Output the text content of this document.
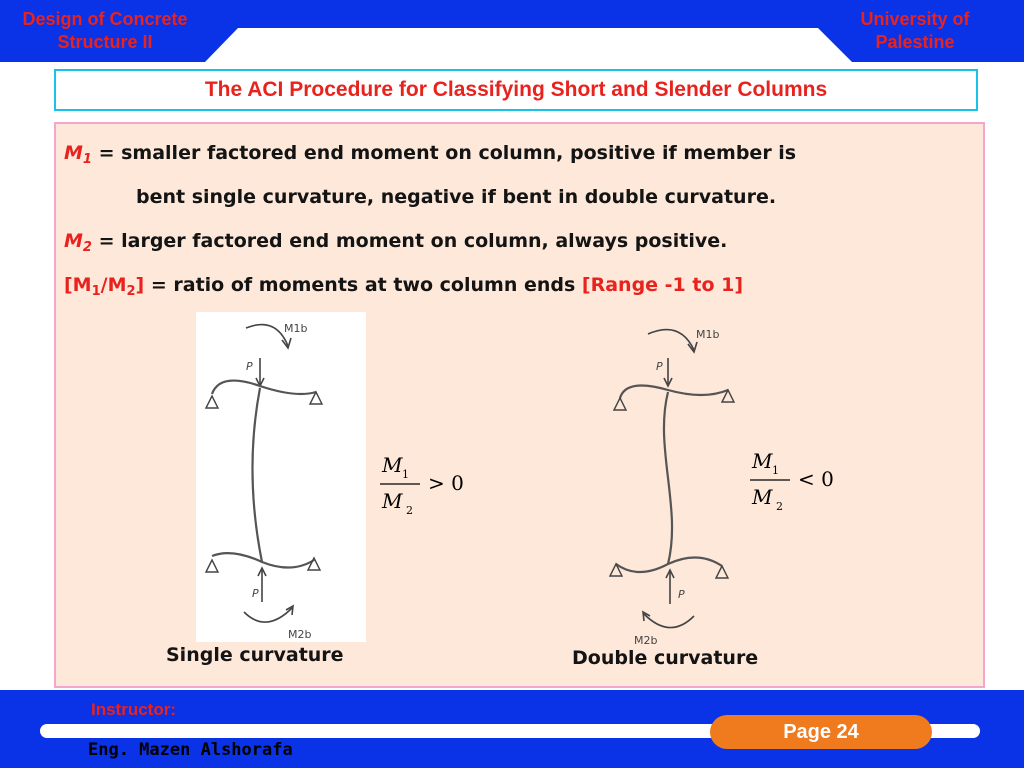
Design of Concrete
Structure II
University of
Palestine
The ACI Procedure for Classifying Short and Slender Columns
$M_1$ = smaller factored end moment on column, positive if member is
bent single curvature, negative if bent in double curvature.
$M_2$ = larger factored end moment on column, always positive.
$[M_1/M_2]$ = ratio of moments at two column ends [Range -1 to 1]
M1b
P
P
M2b
M 1
M 2
> 0
Single curvature
M1b
P
P
M2b
M 1
M 2
< 0
Double curvature
Instructor:
Eng. Mazen Alshorafa
Page 24
